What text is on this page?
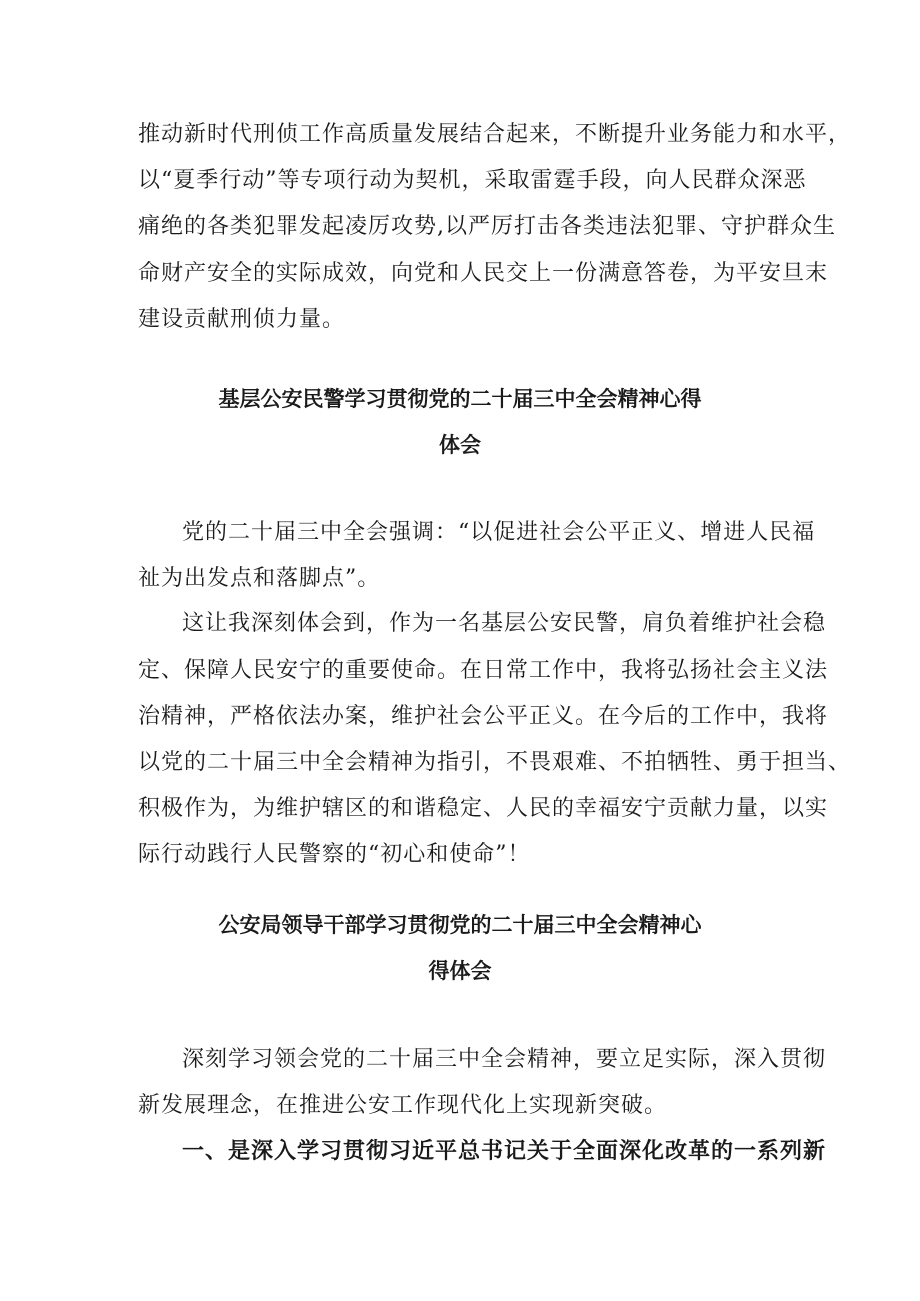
推动新时代刑侦工作高质量发展结合起来，不断提升业务能力和水平，
以“夏季行动”等专项行动为契机，采取雷霆手段，向人民群众深恶
痛绝的各类犯罪发起凌厉攻势,以严厉打击各类违法犯罪、守护群众生
命财产安全的实际成效，向党和人民交上一份满意答卷，为平安旦末
建设贡献刑侦力量。
基层公安民警学习贯彻党的二十届三中全会精神心得
体会
党的二十届三中全会强调：“以促进社会公平正义、增进人民福
祉为出发点和落脚点”。
这让我深刻体会到，作为一名基层公安民警，肩负着维护社会稳
定、保障人民安宁的重要使命。在日常工作中，我将弘扬社会主义法
治精神，严格依法办案，维护社会公平正义。在今后的工作中，我将
以党的二十届三中全会精神为指引，不畏艰难、不拍牺牲、勇于担当、
积极作为，为维护辖区的和谐稳定、人民的幸福安宁贡献力量，以实
际行动践行人民警察的“初心和使命”！
公安局领导干部学习贯彻党的二十届三中全会精神心
得体会
深刻学习领会党的二十届三中全会精神，要立足实际，深入贯彻
新发展理念，在推进公安工作现代化上实现新突破。
一、是深入学习贯彻习近平总书记关于全面深化改革的一系列新
